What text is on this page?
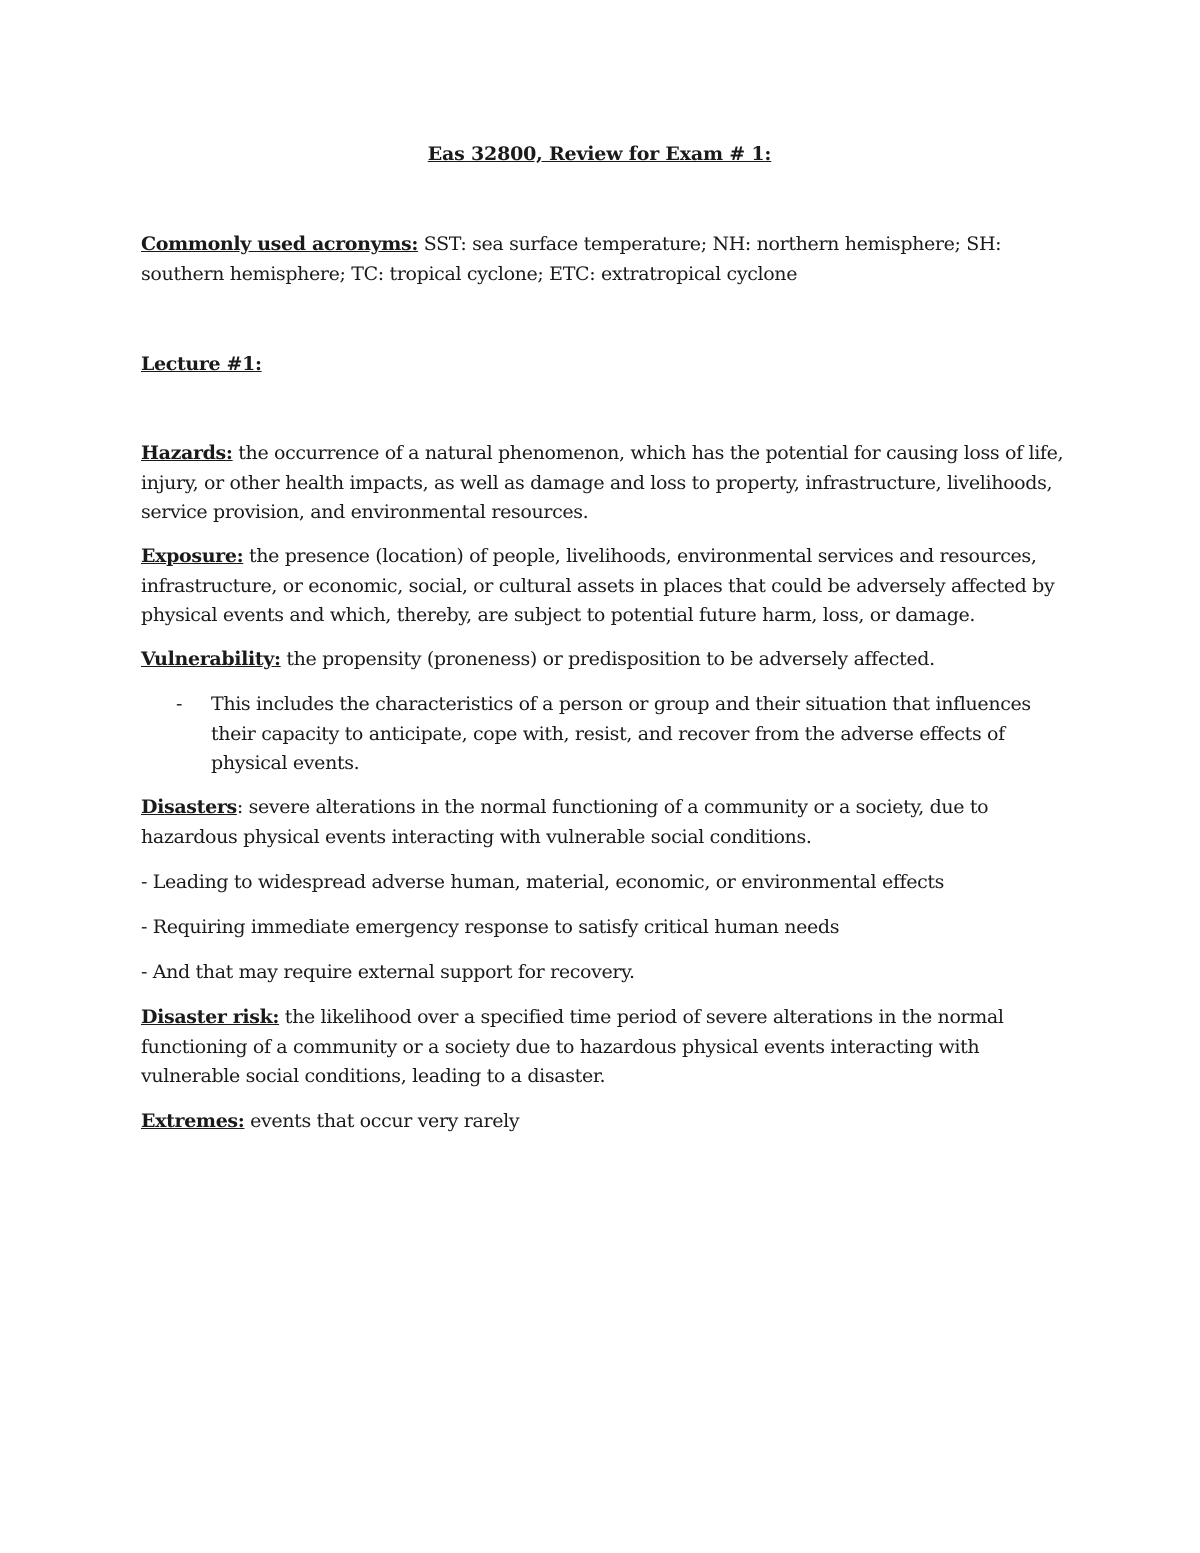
Eas 32800, Review for Exam # 1:

Commonly used acronyms: SST: sea surface temperature; NH: northern hemisphere; SH: southern hemisphere; TC: tropical cyclone; ETC: extratropical cyclone

Lecture #1:

Hazards: the occurrence of a natural phenomenon, which has the potential for causing loss of life, injury, or other health impacts, as well as damage and loss to property, infrastructure, livelihoods, service provision, and environmental resources.

Exposure: the presence (location) of people, livelihoods, environmental services and resources, infrastructure, or economic, social, or cultural assets in places that could be adversely affected by physical events and which, thereby, are subject to potential future harm, loss, or damage.

Vulnerability: the propensity (proneness) or predisposition to be adversely affected.

- This includes the characteristics of a person or group and their situation that influences their capacity to anticipate, cope with, resist, and recover from the adverse effects of physical events.

Disasters: severe alterations in the normal functioning of a community or a society, due to hazardous physical events interacting with vulnerable social conditions.

- Leading to widespread adverse human, material, economic, or environmental effects

- Requiring immediate emergency response to satisfy critical human needs

- And that may require external support for recovery.

Disaster risk: the likelihood over a specified time period of severe alterations in the normal functioning of a community or a society due to hazardous physical events interacting with vulnerable social conditions, leading to a disaster.

Extremes: events that occur very rarely
